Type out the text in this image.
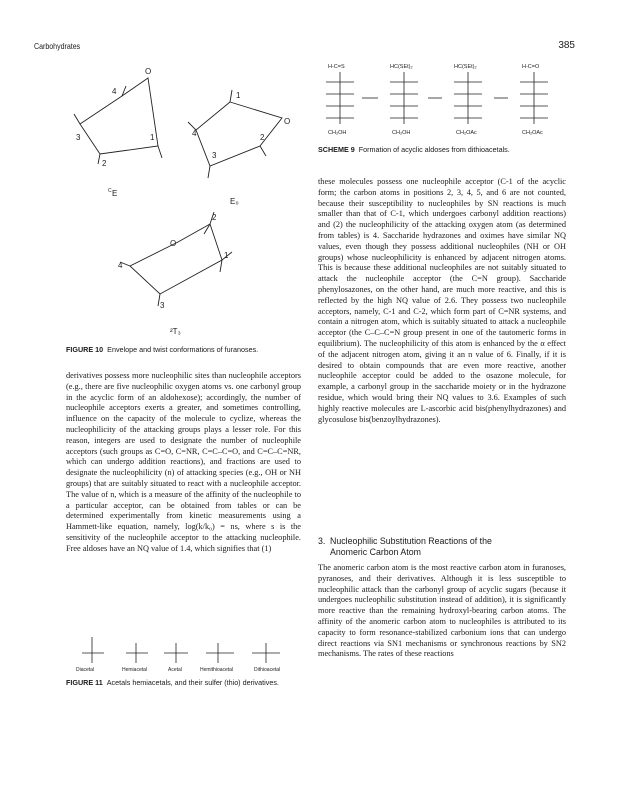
Carbohydrates	385
O
4
3
2
1
C E
O
1
4
3
2
E₀
O
2
1
4
3
²T₃
FIGURE 10 Envelope and twist conformations of furanoses.
H-C=S
CH₂OH
HC(SEt)₂
CH₂OH
HC(SEt)₂
CH₂OAc
H-C=O
CH₂OAc
SCHEME 9 Formation of acyclic aldoses from dithioacetals.

derivatives possess more nucleophilic sites than nucleophile acceptors (e.g., there are five nucleophilic oxygen atoms vs. one carbonyl group in the acyclic form of an aldohexose); accordingly, the number of nucleophile acceptors exerts a greater, and sometimes controlling, influence on the capacity of the molecule to cyclize, whereas the nucleophilicity of the attacking groups plays a lesser role. For this reason, integers are used to designate the number of nucleophile acceptors (such groups as C=O, C=NR, C=C–C=O, and C=C–C=NR, which can undergo addition reactions), and fractions are used to designate the nucleophilicity (n) of attacking species (e.g., OH or NH groups) that are suitably situated to react with a nucleophile acceptor. The value of n, which is a measure of the affinity of the nucleophile to a particular acceptor, can be obtained from tables or can be determined experimentally from kinetic measurements using a Hammett-like equation, namely, log(k/k₀) = ns, where s is the sensitivity of the nucleophile acceptor to the attacking nucleophile. Free aldoses have an NQ value of 1.4, which signifies that (1)

these molecules possess one nucleophile acceptor (C-1 of the acyclic form; the carbon atoms in positions 2, 3, 4, 5, and 6 are not counted, because their susceptibility to nucleophiles by SN reactions is much smaller than that of C-1, which undergoes carbonyl addition reactions) and (2) the nucleophilicity of the attacking oxygen atom (as determined from tables) is 4. Saccharide hydrazones and oximes have similar NQ values, even though they possess additional nucleophiles (NH or OH groups) whose nucleophilicity is enhanced by adjacent nitrogen atoms. This is because these additional nucleophiles are not suitably situated to attack the nucleophile acceptor (the C=N group). Saccharide phenylosazones, on the other hand, are much more reactive, and this is reflected by the high NQ value of 2.6. They possess two nucleophile acceptors, namely, C-1 and C-2, which form part of C=NR systems, and contain a nitrogen atom, which is suitably situated to attack a nucleophile acceptor (the C–C–C=N group present in one of the tautomeric forms in equilibrium). The nucleophilicity of this atom is enhanced by the α effect of the adjacent nitrogen atom, giving it an n value of 6. Finally, if it is desired to obtain compounds that are even more reactive, another nucleophile acceptor could be added to the osazone molecule, for example, a carbonyl group in the saccharide moiety or in the hydrazone residue, which would bring their NQ values to 3.6. Examples of such highly reactive molecules are L-ascorbic acid bis(phenylhydrazones) and glycosulose bis(benzoylhydrazones).

3. Nucleophilic Substitution Reactions of the
Anomeric Carbon Atom

The anomeric carbon atom is the most reactive carbon atom in furanoses, pyranoses, and their derivatives. Although it is less susceptible to nucleophilic attack than the carbonyl group of acyclic sugars (because it undergoes nucleophilic substitution instead of addition), it is significantly more reactive than the remaining hydroxyl-bearing carbon atoms. The affinity of the anomeric carbon atom to nucleophiles is attributed to its capacity to form resonance-stabilized carbonium ions that can undergo direct reactions via SN1 mechanisms or synchronous reactions by SN2 mechanisms. The rates of these reactions

Diacetal	Hemiacetal	Acetal	Hemithioacetal	Dithioacetal
FIGURE 11 Acetals hemiacetals, and their sulfer (thio) derivatives.
